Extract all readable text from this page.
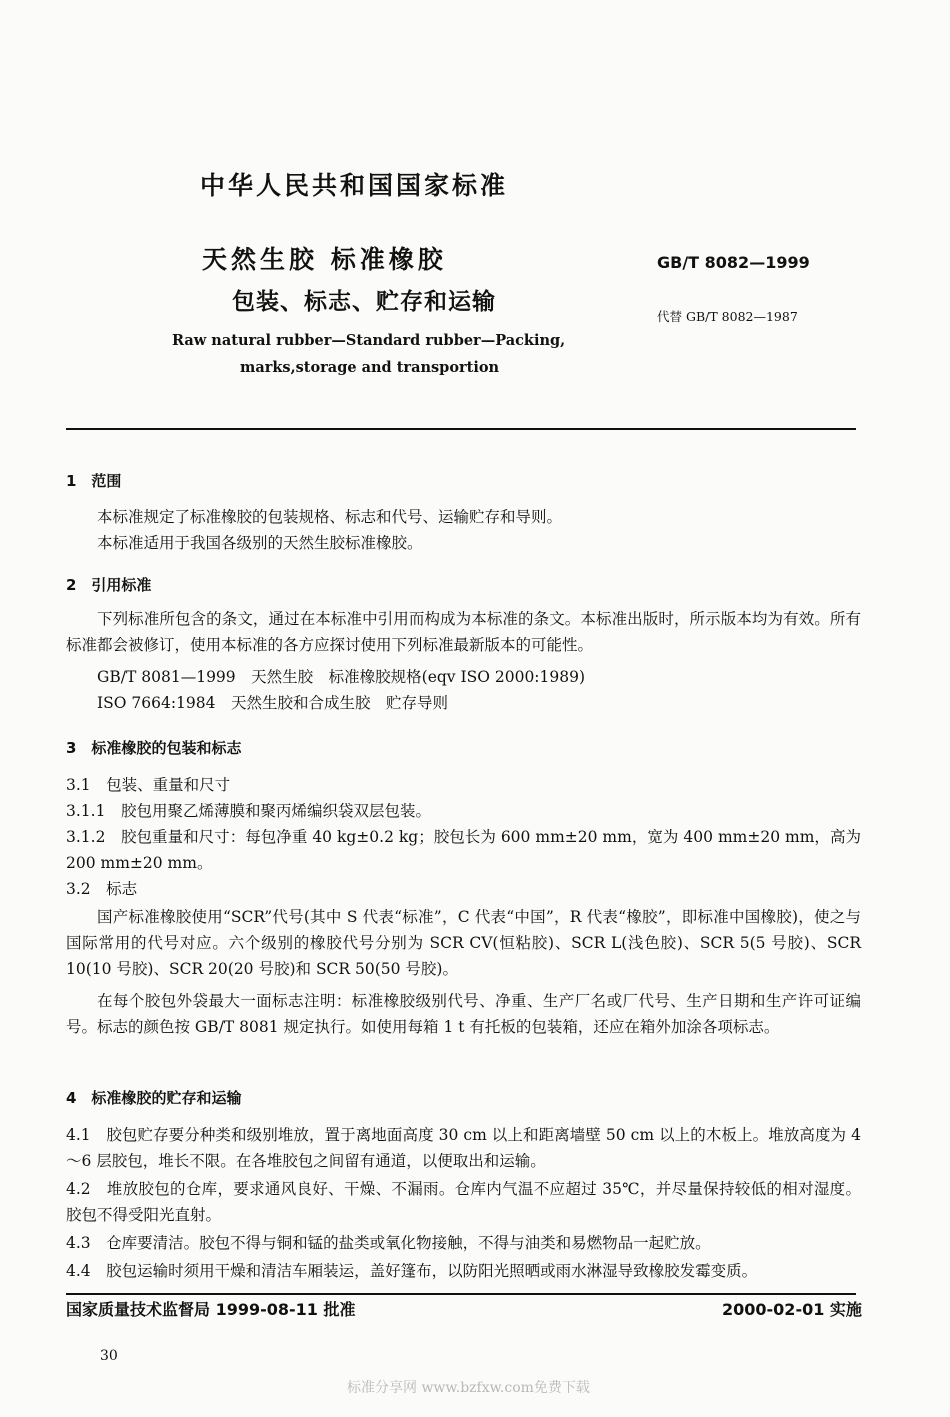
中华人民共和国国家标准
天然生胶 标准橡胶
包装、标志、贮存和运输
GB/T 8082—1999
代替 GB/T 8082—1987
Raw natural rubber—Standard rubber—Packing,
marks,storage and transportion
1　范围
本标准规定了标准橡胶的包装规格、标志和代号、运输贮存和导则。
本标准适用于我国各级别的天然生胶标准橡胶。
2　引用标准
下列标准所包含的条文，通过在本标准中引用而构成为本标准的条文。本标准出版时，所示版本均为有效。所有标准都会被修订，使用本标准的各方应探讨使用下列标准最新版本的可能性。
GB/T 8081—1999　天然生胶　标准橡胶规格(eqv ISO 2000:1989)
ISO 7664:1984　天然生胶和合成生胶　贮存导则
3　标准橡胶的包装和标志
3.1　包装、重量和尺寸
3.1.1　胶包用聚乙烯薄膜和聚丙烯编织袋双层包装。
3.1.2　胶包重量和尺寸：每包净重 40 kg±0.2 kg；胶包长为 600 mm±20 mm，宽为 400 mm±20 mm，高为 200 mm±20 mm。
3.2　标志
国产标准橡胶使用“SCR”代号(其中 S 代表“标准”，C 代表“中国”，R 代表“橡胶”，即标准中国橡胶)，使之与国际常用的代号对应。六个级别的橡胶代号分别为 SCR CV(恒粘胶)、SCR L(浅色胶)、SCR 5(5 号胶)、SCR 10(10 号胶)、SCR 20(20 号胶)和 SCR 50(50 号胶)。
在每个胶包外袋最大一面标志注明：标准橡胶级别代号、净重、生产厂名或厂代号、生产日期和生产许可证编号。标志的颜色按 GB/T 8081 规定执行。如使用每箱 1 t 有托板的包装箱，还应在箱外加涂各项标志。
4　标准橡胶的贮存和运输
4.1　胶包贮存要分种类和级别堆放，置于离地面高度 30 cm 以上和距离墙壁 50 cm 以上的木板上。堆放高度为 4～6 层胶包，堆长不限。在各堆胶包之间留有通道，以便取出和运输。
4.2　堆放胶包的仓库，要求通风良好、干燥、不漏雨。仓库内气温不应超过 35℃，并尽量保持较低的相对湿度。胶包不得受阳光直射。
4.3　仓库要清洁。胶包不得与铜和锰的盐类或氧化物接触，不得与油类和易燃物品一起贮放。
4.4　胶包运输时须用干燥和清洁车厢装运，盖好篷布，以防阳光照晒或雨水淋湿导致橡胶发霉变质。
国家质量技术监督局 1999-08-11 批准	2000-02-01 实施
30
标准分享网 www.bzfxw.com免费下载
